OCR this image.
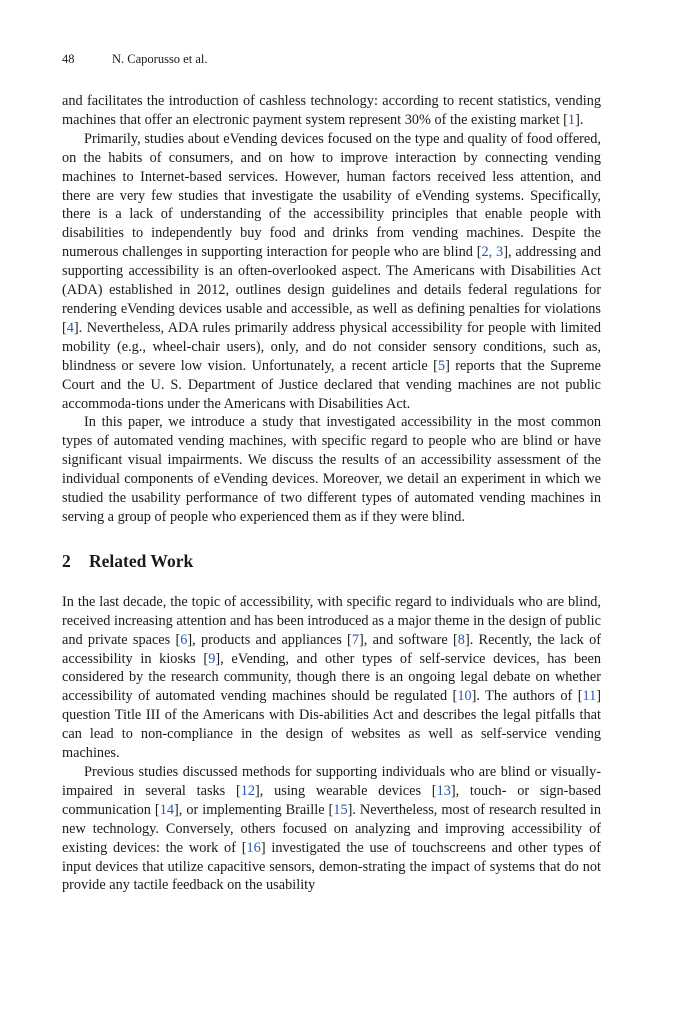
48	N. Caporusso et al.

and facilitates the introduction of cashless technology: according to recent statistics, vending machines that offer an electronic payment system represent 30% of the existing market [1].

Primarily, studies about eVending devices focused on the type and quality of food offered, on the habits of consumers, and on how to improve interaction by connecting vending machines to Internet-based services. However, human factors received less attention, and there are very few studies that investigate the usability of eVending systems. Specifically, there is a lack of understanding of the accessibility principles that enable people with disabilities to independently buy food and drinks from vending machines. Despite the numerous challenges in supporting interaction for people who are blind [2, 3], addressing and supporting accessibility is an often-overlooked aspect. The Americans with Disabilities Act (ADA) established in 2012, outlines design guidelines and details federal regulations for rendering eVending devices usable and accessible, as well as defining penalties for violations [4]. Nevertheless, ADA rules primarily address physical accessibility for people with limited mobility (e.g., wheel-chair users), only, and do not consider sensory conditions, such as, blindness or severe low vision. Unfortunately, a recent article [5] reports that the Supreme Court and the U. S. Department of Justice declared that vending machines are not public accommoda-tions under the Americans with Disabilities Act.

In this paper, we introduce a study that investigated accessibility in the most common types of automated vending machines, with specific regard to people who are blind or have significant visual impairments. We discuss the results of an accessibility assessment of the individual components of eVending devices. Moreover, we detail an experiment in which we studied the usability performance of two different types of automated vending machines in serving a group of people who experienced them as if they were blind.

2 Related Work

In the last decade, the topic of accessibility, with specific regard to individuals who are blind, received increasing attention and has been introduced as a major theme in the design of public and private spaces [6], products and appliances [7], and software [8]. Recently, the lack of accessibility in kiosks [9], eVending, and other types of self-service devices, has been considered by the research community, though there is an ongoing legal debate on whether accessibility of automated vending machines should be regulated [10]. The authors of [11] question Title III of the Americans with Dis-abilities Act and describes the legal pitfalls that can lead to non-compliance in the design of websites as well as self-service vending machines.

Previous studies discussed methods for supporting individuals who are blind or visually-impaired in several tasks [12], using wearable devices [13], touch- or sign-based communication [14], or implementing Braille [15]. Nevertheless, most of research resulted in new technology. Conversely, others focused on analyzing and improving accessibility of existing devices: the work of [16] investigated the use of touchscreens and other types of input devices that utilize capacitive sensors, demon-strating the impact of systems that do not provide any tactile feedback on the usability
